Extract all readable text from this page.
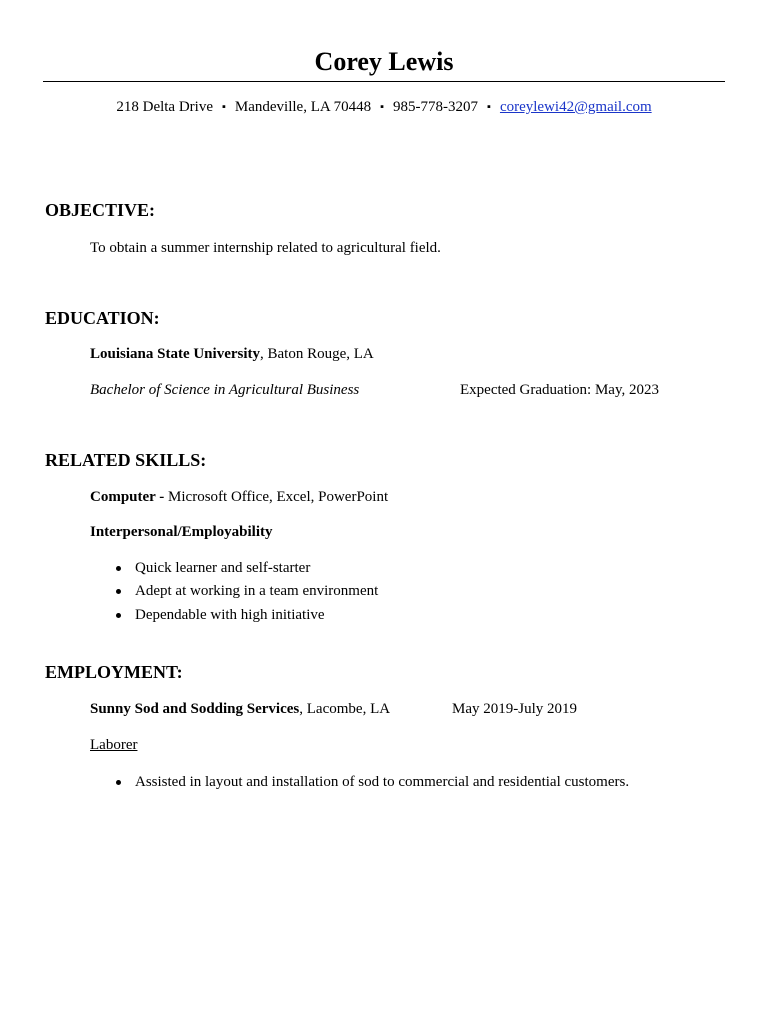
Corey Lewis
218 Delta Drive ▪ Mandeville, LA 70448 ▪ 985-778-3207 ▪ coreylewi42@gmail.com
OBJECTIVE:
To obtain a summer internship related to agricultural field.
EDUCATION:
Louisiana State University, Baton Rouge, LA
Bachelor of Science in Agricultural Business	Expected Graduation: May, 2023
RELATED SKILLS:
Computer - Microsoft Office, Excel, PowerPoint
Interpersonal/Employability
Quick learner and self-starter
Adept at working in a team environment
Dependable with high initiative
EMPLOYMENT:
Sunny Sod and Sodding Services, Lacombe, LA	May 2019-July 2019
Laborer
Assisted in layout and installation of sod to commercial and residential customers.
